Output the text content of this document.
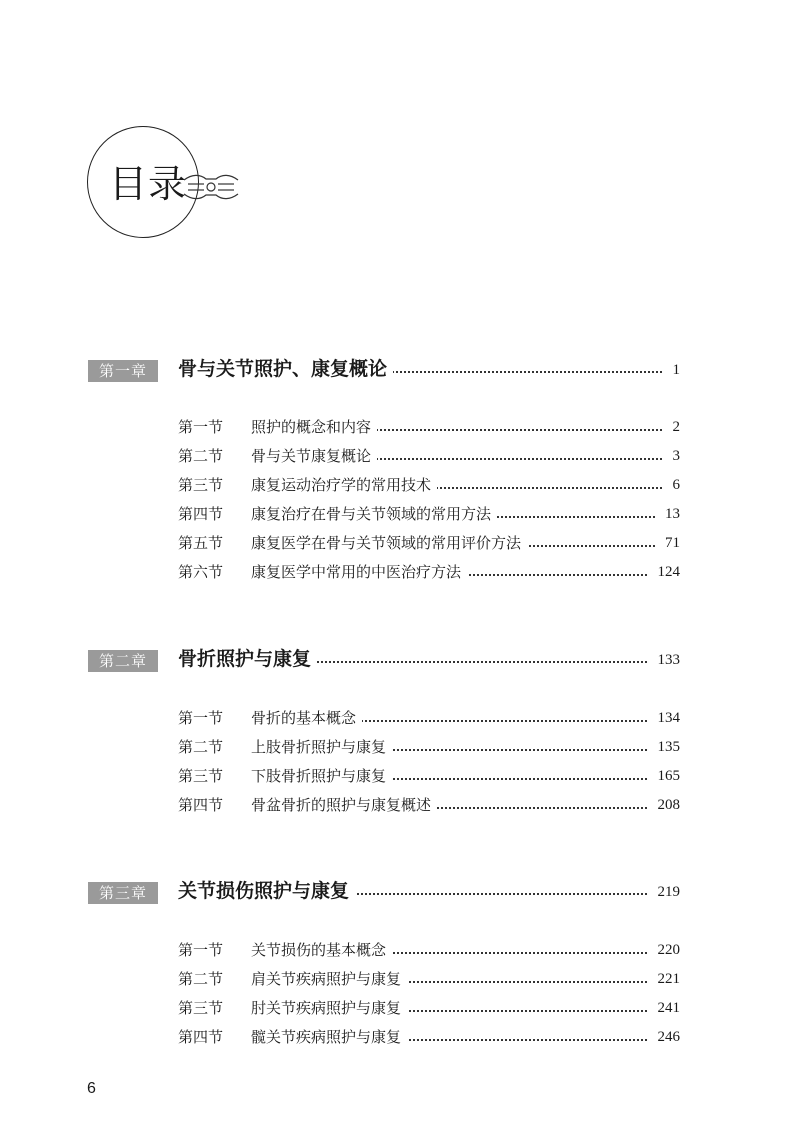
目录
第一章	骨与关节照护、康复概论	1
第一节 照护的概念和内容	2
第二节 骨与关节康复概论	3
第三节 康复运动治疗学的常用技术	6
第四节 康复治疗在骨与关节领域的常用方法	13
第五节 康复医学在骨与关节领域的常用评价方法	71
第六节 康复医学中常用的中医治疗方法	124
第二章	骨折照护与康复	133
第一节 骨折的基本概念	134
第二节 上肢骨折照护与康复	135
第三节 下肢骨折照护与康复	165
第四节 骨盆骨折的照护与康复概述	208
第三章	关节损伤照护与康复	219
第一节 关节损伤的基本概念	220
第二节 肩关节疾病照护与康复	221
第三节 肘关节疾病照护与康复	241
第四节 髋关节疾病照护与康复	246
6
